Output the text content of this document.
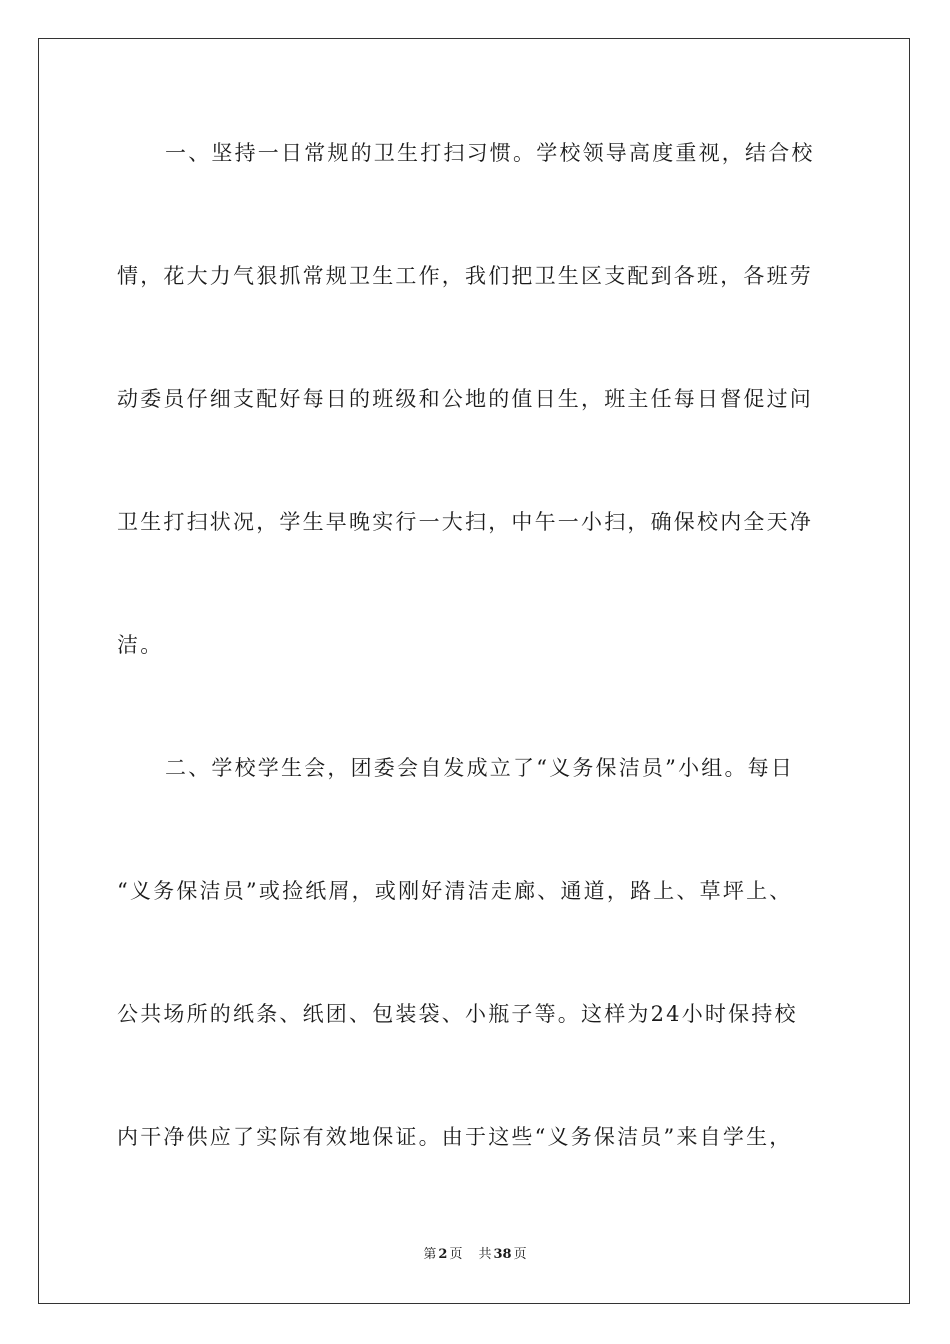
一、坚持一日常规的卫生打扫习惯。学校领导高度重视，结合校
情，花大力气狠抓常规卫生工作，我们把卫生区支配到各班，各班劳
动委员仔细支配好每日的班级和公地的值日生，班主任每日督促过问
卫生打扫状况，学生早晚实行一大扫，中午一小扫，确保校内全天净
洁。
二、学校学生会，团委会自发成立了“义务保洁员”小组。每日
“义务保洁员”或捡纸屑，或刚好清洁走廊、通道，路上、草坪上、
公共场所的纸条、纸团、包装袋、小瓶子等。这样为24小时保持校
内干净供应了实际有效地保证。由于这些“义务保洁员”来自学生，
第 2 页 共 38 页
